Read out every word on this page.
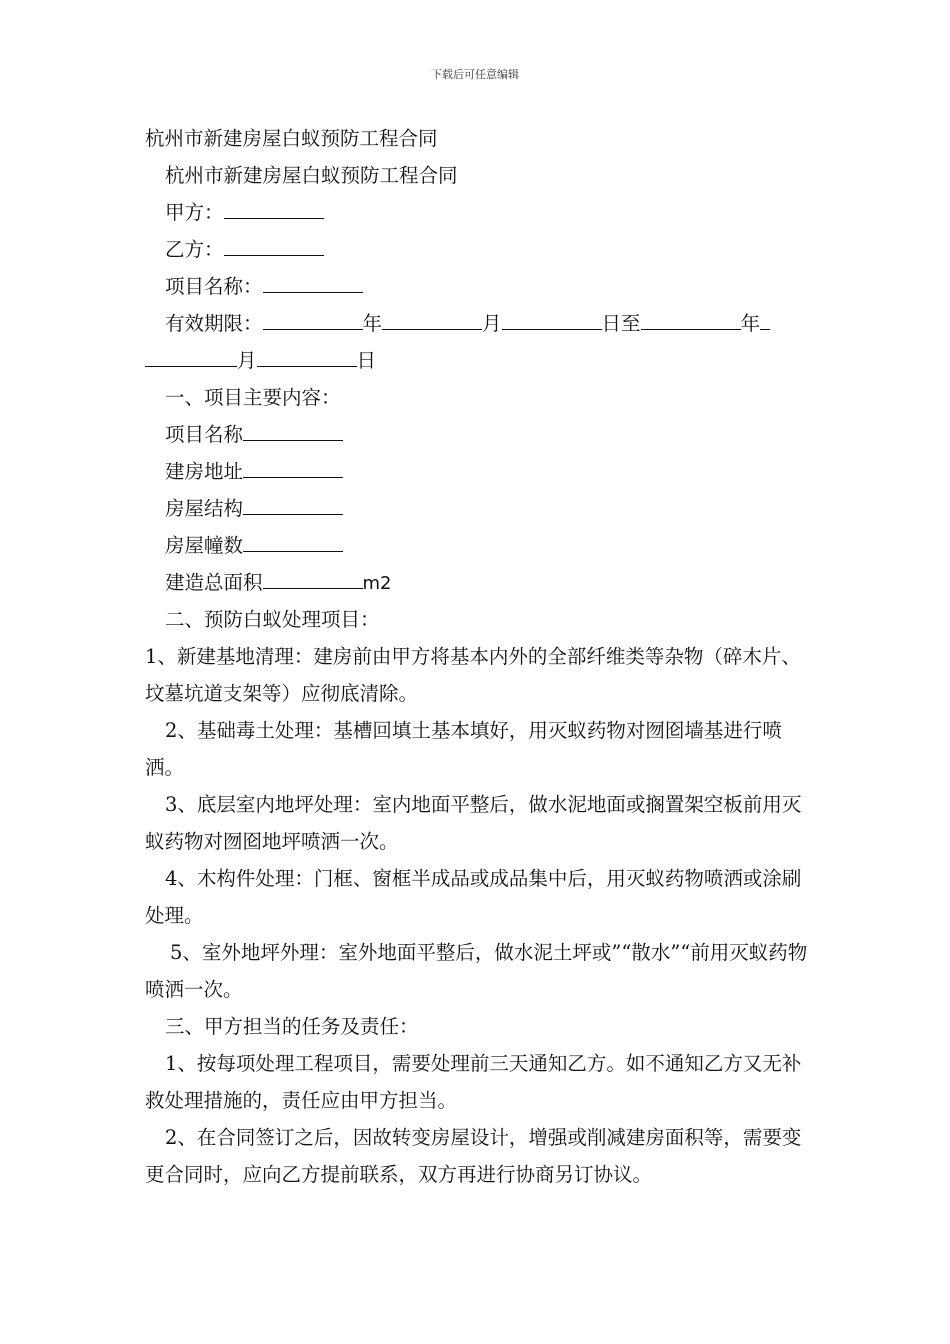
下载后可任意编辑
杭州市新建房屋白蚁预防工程合同
杭州市新建房屋白蚁预防工程合同
甲方：
乙方：
项目名称：
有效期限：	年	月	日至	年
月	日
一、项目主要内容：
项目名称
建房地址
房屋结构
房屋幢数
建造总面积	m2
二、预防白蚁处理项目：
1、新建基地清理：建房前由甲方将基本内外的全部纤维类等杂物（碎木片、坟墓坑道支架等）应彻底清除。
2、基础毒土处理：基槽回填土基本填好，用灭蚁药物对囫囵墙基进行喷洒。
3、底层室内地坪处理：室内地面平整后，做水泥地面或搁置架空板前用灭蚁药物对囫囵地坪喷洒一次。
4、木构件处理：门框、窗框半成品或成品集中后，用灭蚁药物喷洒或涂刷处理。
5、室外地坪外理：室外地面平整后，做水泥土坪或”“散水”“前用灭蚁药物喷洒一次。
三、甲方担当的任务及责任：
1、按每项处理工程项目，需要处理前三天通知乙方。如不通知乙方又无补救处理措施的，责任应由甲方担当。
2、在合同签订之后，因故转变房屋设计，增强或削减建房面积等，需要变更合同时，应向乙方提前联系，双方再进行协商另订协议。
